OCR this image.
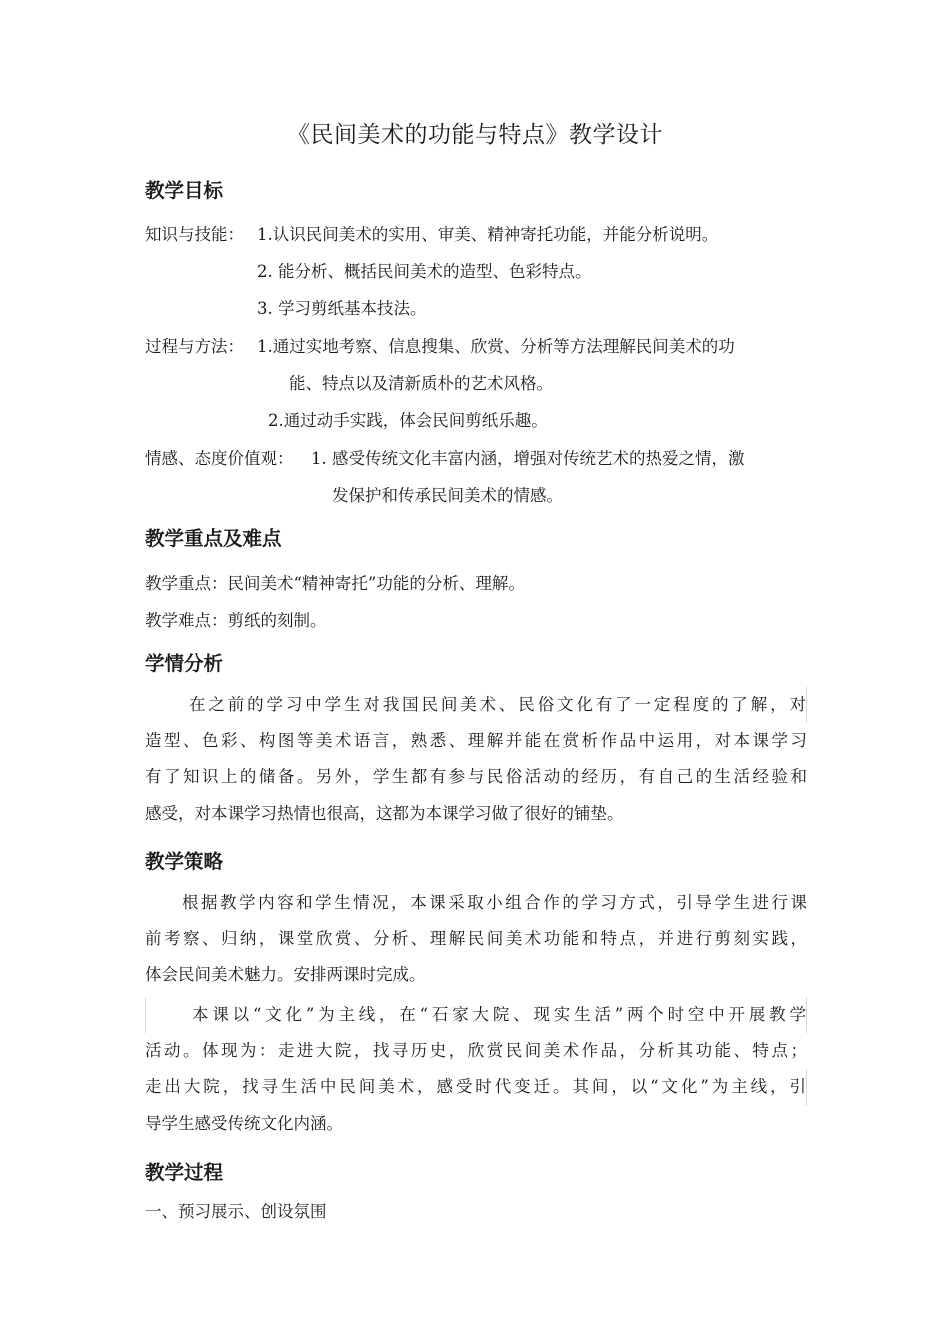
《民间美术的功能与特点》教学设计
教学目标
知识与技能： 1.认识民间美术的实用、审美、精神寄托功能，并能分析说明。
2. 能分析、概括民间美术的造型、色彩特点。
3. 学习剪纸基本技法。
过程与方法： 1.通过实地考察、信息搜集、欣赏、分析等方法理解民间美术的功
能、特点以及清新质朴的艺术风格。
2.通过动手实践，体会民间剪纸乐趣。
情感、态度价值观： 1. 感受传统文化丰富内涵，增强对传统艺术的热爱之情，激
发保护和传承民间美术的情感。
教学重点及难点
教学重点：民间美术“精神寄托”功能的分析、理解。
教学难点：剪纸的刻制。
学情分析
在之前的学习中学生对我国民间美术、民俗文化有了一定程度的了解，对
造型、色彩、构图等美术语言，熟悉、理解并能在赏析作品中运用，对本课学习
有了知识上的储备。另外，学生都有参与民俗活动的经历，有自己的生活经验和
感受，对本课学习热情也很高，这都为本课学习做了很好的铺垫。
教学策略
根据教学内容和学生情况，本课采取小组合作的学习方式，引导学生进行课
前考察、归纳，课堂欣赏、分析、理解民间美术功能和特点，并进行剪刻实践，
体会民间美术魅力。安排两课时完成。
本课以“文化”为主线，在“石家大院、现实生活”两个时空中开展教学
活动。体现为：走进大院，找寻历史，欣赏民间美术作品，分析其功能、特点；
走出大院，找寻生活中民间美术，感受时代变迁。其间，以“文化”为主线，引
导学生感受传统文化内涵。
教学过程
一、预习展示、创设氛围
